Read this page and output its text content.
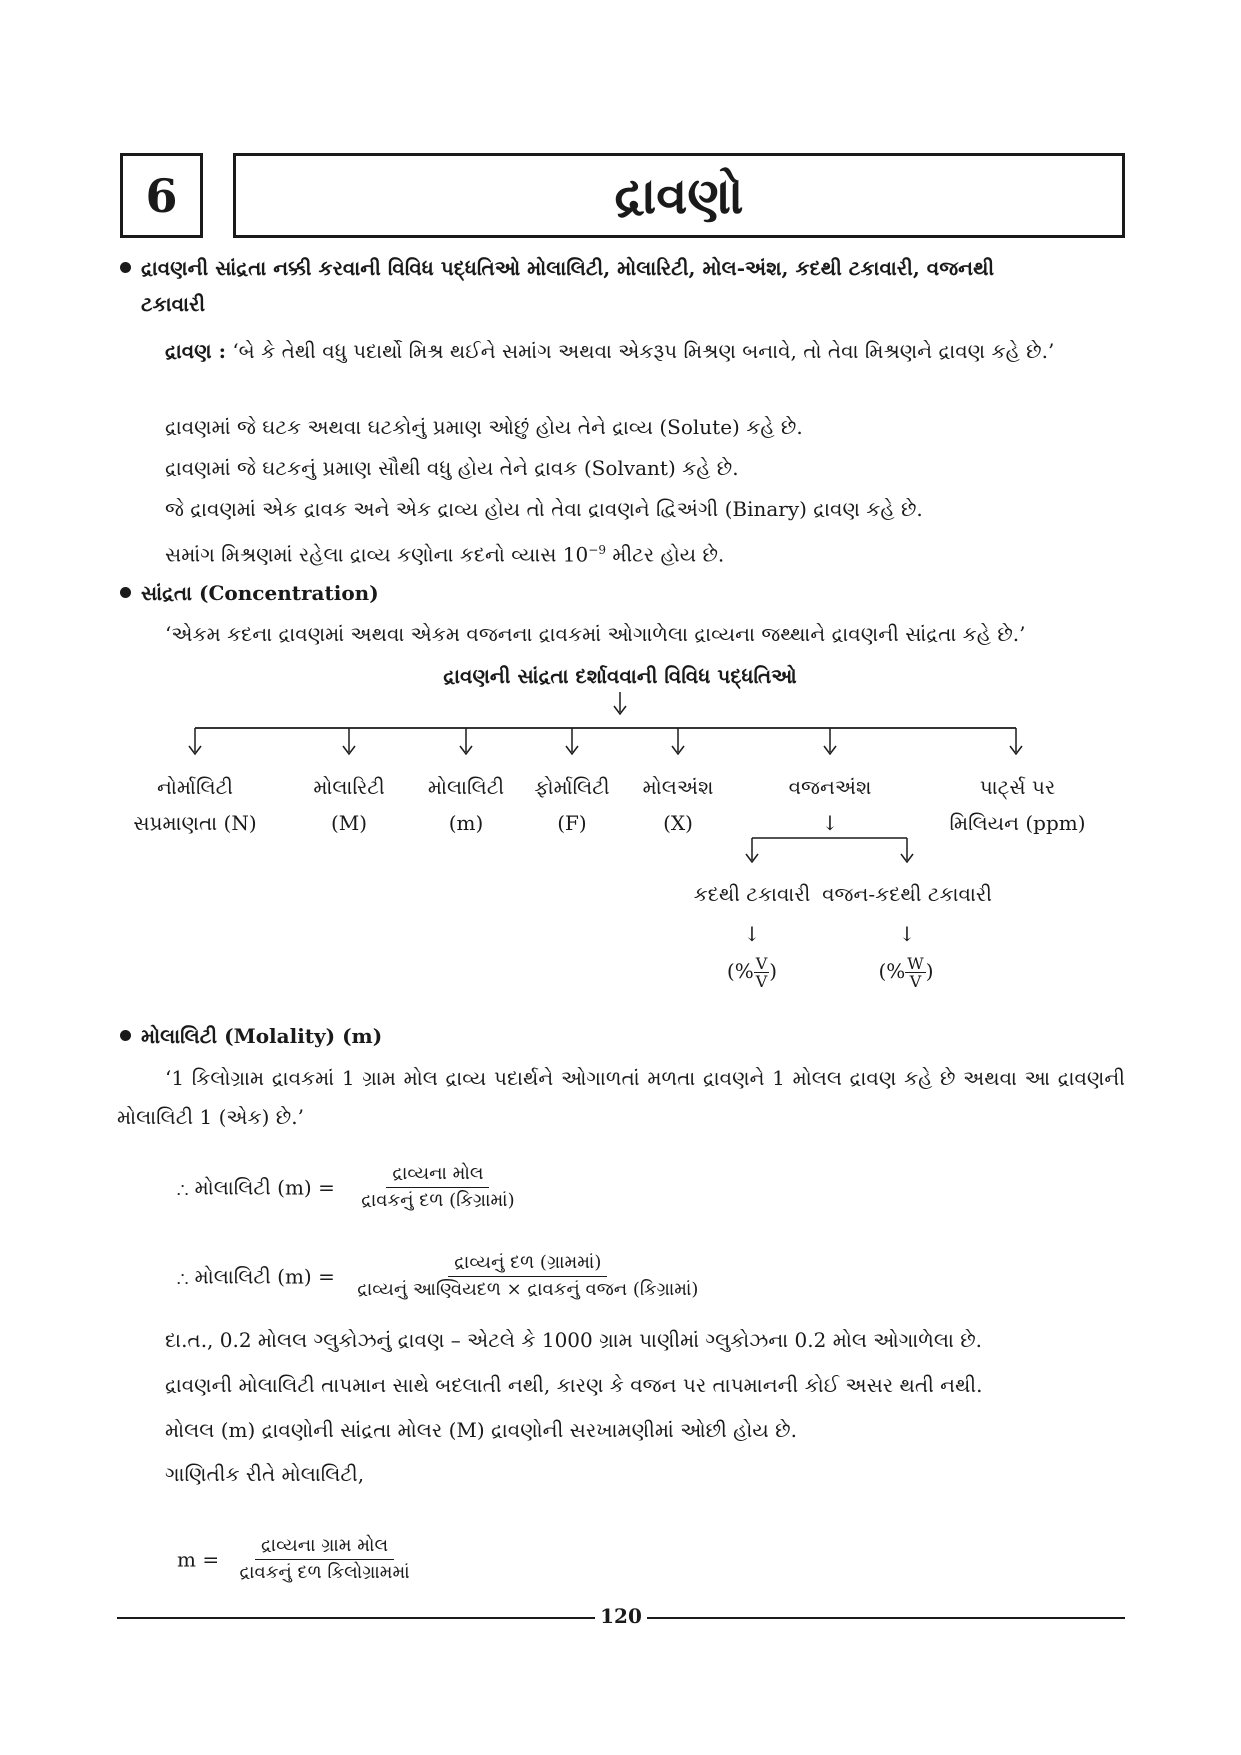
6	દ્રાવણો
દ્રાવણની સાંદ્રતા નક્કી કરવાની વિવિધ પદ્ધતિઓ મોલાલિટી, મોલારિટી, મોલ-અંશ, કદથી ટકાવારી, વજનથી
ટકાવારી
દ્રાવણ : ‘બે કે તેથી વધુ પદાર્થો મિશ્ર થઈને સમાંગ અથવા એકરૂપ મિશ્રણ બનાવે, તો તેવા મિશ્રણને દ્રાવણ કહે છે.’
દ્રાવણમાં જે ઘટક અથવા ઘટકોનું પ્રમાણ ઓછું હોય તેને દ્રાવ્ય (Solute) કહે છે.
દ્રાવણમાં જે ઘટકનું પ્રમાણ સૌથી વધુ હોય તેને દ્રાવક (Solvant) કહે છે.
જે દ્રાવણમાં એક દ્રાવક અને એક દ્રાવ્ય હોય તો તેવા દ્રાવણને દ્વિઅંગી (Binary) દ્રાવણ કહે છે.
સમાંગ મિશ્રણમાં રહેલા દ્રાવ્ય કણોના કદનો વ્યાસ $10^{-9}$ મીટર હોય છે.
સાંદ્રતા (Concentration)
‘એકમ કદના દ્રાવણમાં અથવા એકમ વજનના દ્રાવકમાં ઓગાળેલા દ્રાવ્યના જથ્થાને દ્રાવણની સાંદ્રતા કહે છે.’
દ્રાવણની સાંદ્રતા દર્શાવવાની વિવિધ પદ્ધતિઓ
નોર્માલિટી
સપ્રમાણતા (N)
મોલારિટી
(M)
મોલાલિટી
(m)
ફોર્માલિટી
(F)
મોલઅંશ
(X)
વજનઅંશ
↓
પાર્ટ્સ પર
મિલિયન (ppm)
કદથી ટકાવારી વજન-કદથી ટકાવારી
↓	↓
(% $\frac{V}{V}$ )	(% $\frac{W}{V}$ )
મોલાલિટી (Molality) (m)
‘1 કિલોગ્રામ દ્રાવકમાં 1 ગ્રામ મોલ દ્રાવ્ય પદાર્થને ઓગાળતાં મળતા દ્રાવણને 1 મોલલ દ્રાવણ કહે છે અથવા આ દ્રાવણની મોલાલિટી 1 (એક) છે.’
∴ મોલાલિટી $(m) = \frac{\text{દ્રાવ્યના મોલ}}{\text{દ્રાવકનું દળ (કિગ્રામાં)}}$
∴ મોલાલિટી $(m) = \frac{\text{દ્રાવ્યનું દળ (ગ્રામમાં)}}{\text{દ્રાવ્યનું આણ્વિયદળ × દ્રાવકનું વજન (કિગ્રામાં)}}$
દા.ત., 0.2 મોલલ ગ્લુકોઝનું દ્રાવણ – એટલે કે 1000 ગ્રામ પાણીમાં ગ્લુકોઝના 0.2 મોલ ઓગાળેલા છે.
દ્રાવણની મોલાલિટી તાપમાન સાથે બદલાતી નથી, કારણ કે વજન પર તાપમાનની કોઈ અસર થતી નથી.
મોલલ (m) દ્રાવણોની સાંદ્રતા મોલર (M) દ્રાવણોની સરખામણીમાં ઓછી હોય છે.
ગાણિતીક રીતે મોલાલિટી,
$m = \frac{\text{દ્રાવ્યના ગ્રામ મોલ}}{\text{દ્રાવકનું દળ કિલોગ્રામમાં}}$
120
